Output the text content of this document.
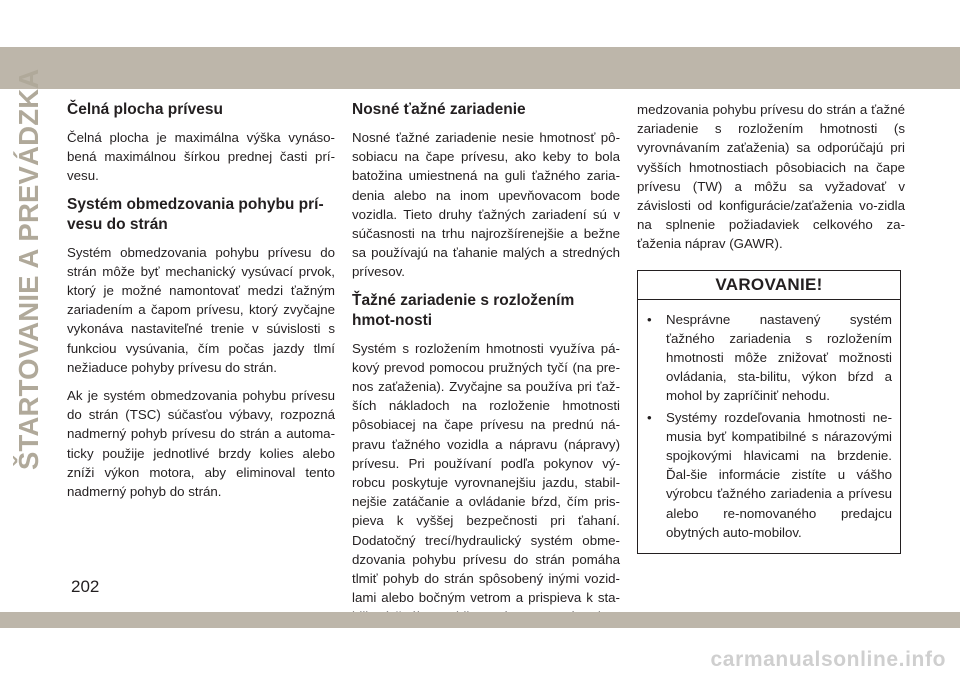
ŠTARTOVANIE A PREVÁDZKA Čelná plocha prívesu

Čelná plocha je maximálna výška vynáso-bená maximálnou šírkou prednej časti prí-vesu.

Systém obmedzovania pohybu prí-vesu do strán

Systém obmedzovania pohybu prívesu do strán môže byť mechanický vysúvací prvok, ktorý je možné namontovať medzi ťažným zariadením a čapom prívesu, ktorý zvyčajne vykonáva nastaviteľné trenie v súvislosti s funkciou vysúvania, čím počas jazdy tlmí nežiaduce pohyby prívesu do strán.

Ak je systém obmedzovania pohybu prívesu do strán (TSC) súčasťou výbavy, rozpozná nadmerný pohyb prívesu do strán a automa-ticky použije jednotlivé brzdy kolies alebo zníži výkon motora, aby eliminoval tento nadmerný pohyb do strán.

Nosné ťažné zariadenie

Nosné ťažné zariadenie nesie hmotnosť pô-sobiacu na čape prívesu, ako keby to bola batožina umiestnená na guli ťažného zaria-denia alebo na inom upevňovacom bode vozidla. Tieto druhy ťažných zariadení sú v súčasnosti na trhu najrozšírenejšie a bežne sa používajú na ťahanie malých a stredných prívesov.

Ťažné zariadenie s rozložením hmot-nosti

Systém s rozložením hmotnosti využíva pá-kový prevod pomocou pružných tyčí (na pre-nos zaťaženia). Zvyčajne sa používa pri ťaž-ších nákladoch na rozloženie hmotnosti pôsobiacej na čape prívesu na prednú ná-pravu ťažného vozidla a nápravu (nápravy) prívesu. Pri používaní podľa pokynov vý-robcu poskytuje vyrovnanejšiu jazdu, stabil-nejšie zatáčanie a ovládanie bŕzd, čím pris-pieva k vyššej bezpečnosti pri ťahaní. Dodatočný trecí/hydraulický systém obme-dzovania pohybu prívesu do strán pomáha tlmiť pohyb do strán spôsobený inými vozid-lami alebo bočným vetrom a prispieva k sta-

medzovania pohybu prívesu do strán a ťažné zariadenie s rozložením hmotnosti (s vyrovnávaním zaťaženia) sa odporúčajú pri vyšších hmotnostiach pôsobiacich na čape prívesu (TW) a môžu sa vyžadovať v závislosti od konfigurácie/zaťaženia vo-zidla na splnenie požiadaviek celkového za-ťaženia náprav (GAWR).

VAROVANIE!
• Nesprávne nastavený systém ťažného zariadenia s rozložením hmotnosti môže znižovať možnosti ovládania, sta-bilitu, výkon bŕzd a mohol by zapríčiniť nehodu.
• Systémy rozdeľovania hmotnosti ne-musia byť kompatibilné s nárazovými spojkovými hlavicami na brzdenie. Ďal-šie informácie zistíte u vášho výrobcu ťažného zariadenia a prívesu alebo re-nomovaného predajcu obytných auto-mobilov.
202
carmanualsonline.info
